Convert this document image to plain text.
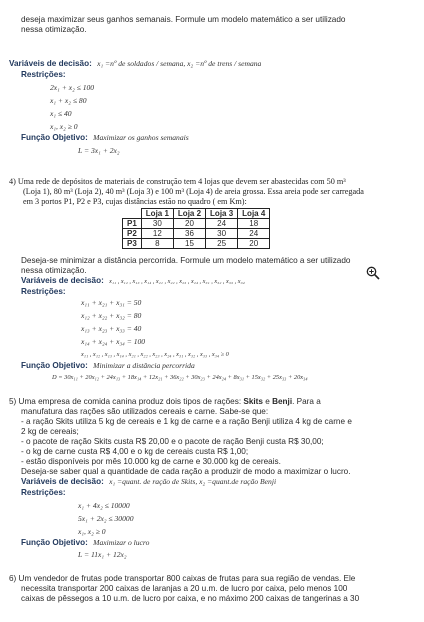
deseja maximizar seus ganhos semanais. Formule um modelo matemático a ser utilizado
nessa otimização.
Variáveis de decisão: x₁ =nº de soldados / semana, x₂ =nº de trens / semana
Restrições:
2x₁ + x₂ ≤ 100
x₁ + x₂ ≤ 80
x₁ ≤ 40
x₁, x₂ ≥ 0
Função Objetivo: Maximizar os ganhos semanais
L = 3x₁ + 2x₂
4) Uma rede de depósitos de materiais de construção tem 4 lojas que devem ser abastecidas com 50 m³
(Loja 1), 80 m³ (Loja 2), 40 m³ (Loja 3) e 100 m³ (Loja 4) de areia grossa. Essa areia pode ser carregada
em 3 portos P1, P2 e P3, cujas distâncias estão no quadro ( em Km):
	Loja 1	Loja 2	Loja 3	Loja 4
P1	30	20	24	18
P2	12	36	30	24
P3	8	15	25	20
Deseja-se minimizar a distância percorrida. Formule um modelo matemático a ser utilizado
nessa otimização.
Variáveis de decisão: x₁₁ , x₁₂ , x₁₃ , x₁₄ , x₂₁ , x₂₂ , x₂₃ , x₂₄ , x₃₁ , x₃₂ , x₃₃ , x₃₄
Restrições:
x₁₁ + x₂₁ + x₃₁ = 50
x₁₂ + x₂₂ + x₃₂ = 80
x₁₃ + x₂₃ + x₃₃ = 40
x₁₄ + x₂₄ + x₃₄ = 100
x₁₁ , x₁₂ , x₁₃ , x₁₄ , x₂₁ , x₂₂ , x₂₃ , x₂₄ , x₃₁ , x₃₂ , x₃₃ , x₃₄ ≥ 0
Função Objetivo: Minimizar a distância percorrida
D = 30x₁₁ + 20x₁₂ + 24x₁₃ + 18x₁₄ + 12x₂₁ + 36x₂₂ + 30x₂₃ + 24x₂₄ + 8x₃₁ + 15x₃₂ + 25x₃₃ + 20x₃₄
5) Uma empresa de comida canina produz dois tipos de rações: Skits e Benji. Para a
manufatura das rações são utilizados cereais e carne. Sabe-se que:
- a ração Skits utiliza 5 kg de cereais e 1 kg de carne e a ração Benji utiliza 4 kg de carne e
2 kg de cereais;
- o pacote de ração Skits custa R$ 20,00 e o pacote de ração Benji custa R$ 30,00;
- o kg de carne custa R$ 4,00 e o kg de cereais custa R$ 1,00;
- estão disponíveis por mês 10.000 kg de carne e 30.000 kg de cereais.
Deseja-se saber qual a quantidade de cada ração a produzir de modo a maximizar o lucro.
Variáveis de decisão: x₁ =quant. de ração de Skits, x₂ =quant.de ração Benji
Restrições:
x₁ + 4x₂ ≤ 10000
5x₁ + 2x₂ ≤ 30000
x₁, x₂ ≥ 0
Função Objetivo: Maximizar o lucro
L = 11x₁ + 12x₂
6) Um vendedor de frutas pode transportar 800 caixas de frutas para sua região de vendas. Ele
necessita transportar 200 caixas de laranjas a 20 u.m. de lucro por caixa, pelo menos 100
caixas de pêssegos a 10 u.m. de lucro por caixa, e no máximo 200 caixas de tangerinas a 30
